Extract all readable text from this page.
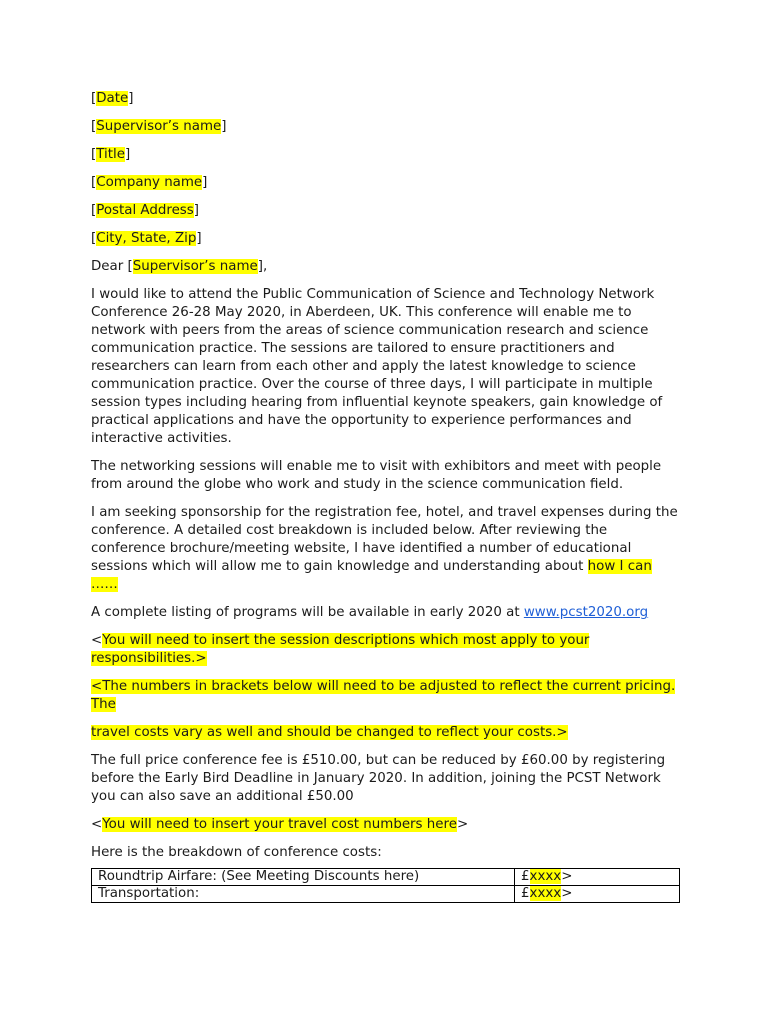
[Date]

[Supervisor’s name]

[Title]

[Company name]

[Postal Address]

[City, State, Zip]

Dear [Supervisor’s name],

I would like to attend the Public Communication of Science and Technology Network Conference 26-28 May 2020, in Aberdeen, UK. This conference will enable me to network with peers from the areas of science communication research and science communication practice. The sessions are tailored to ensure practitioners and researchers can learn from each other and apply the latest knowledge to science communication practice. Over the course of three days, I will participate in multiple session types including hearing from influential keynote speakers, gain knowledge of practical applications and have the opportunity to experience performances and interactive activities.

The networking sessions will enable me to visit with exhibitors and meet with people from around the globe who work and study in the science communication field.

I am seeking sponsorship for the registration fee, hotel, and travel expenses during the conference. A detailed cost breakdown is included below. After reviewing the conference brochure/meeting website, I have identified a number of educational sessions which will allow me to gain knowledge and understanding about how I can ……

A complete listing of programs will be available in early 2020 at www.pcst2020.org

<You will need to insert the session descriptions which most apply to your responsibilities.>

<The numbers in brackets below will need to be adjusted to reflect the current pricing. The

travel costs vary as well and should be changed to reflect your costs.>

The full price conference fee is £510.00, but can be reduced by £60.00 by registering before the Early Bird Deadline in January 2020. In addition, joining the PCST Network you can also save an additional £50.00

<You will need to insert your travel cost numbers here>

Here is the breakdown of conference costs:

Roundtrip Airfare: (See Meeting Discounts here)	£xxxx>
Transportation:	£xxxx>
